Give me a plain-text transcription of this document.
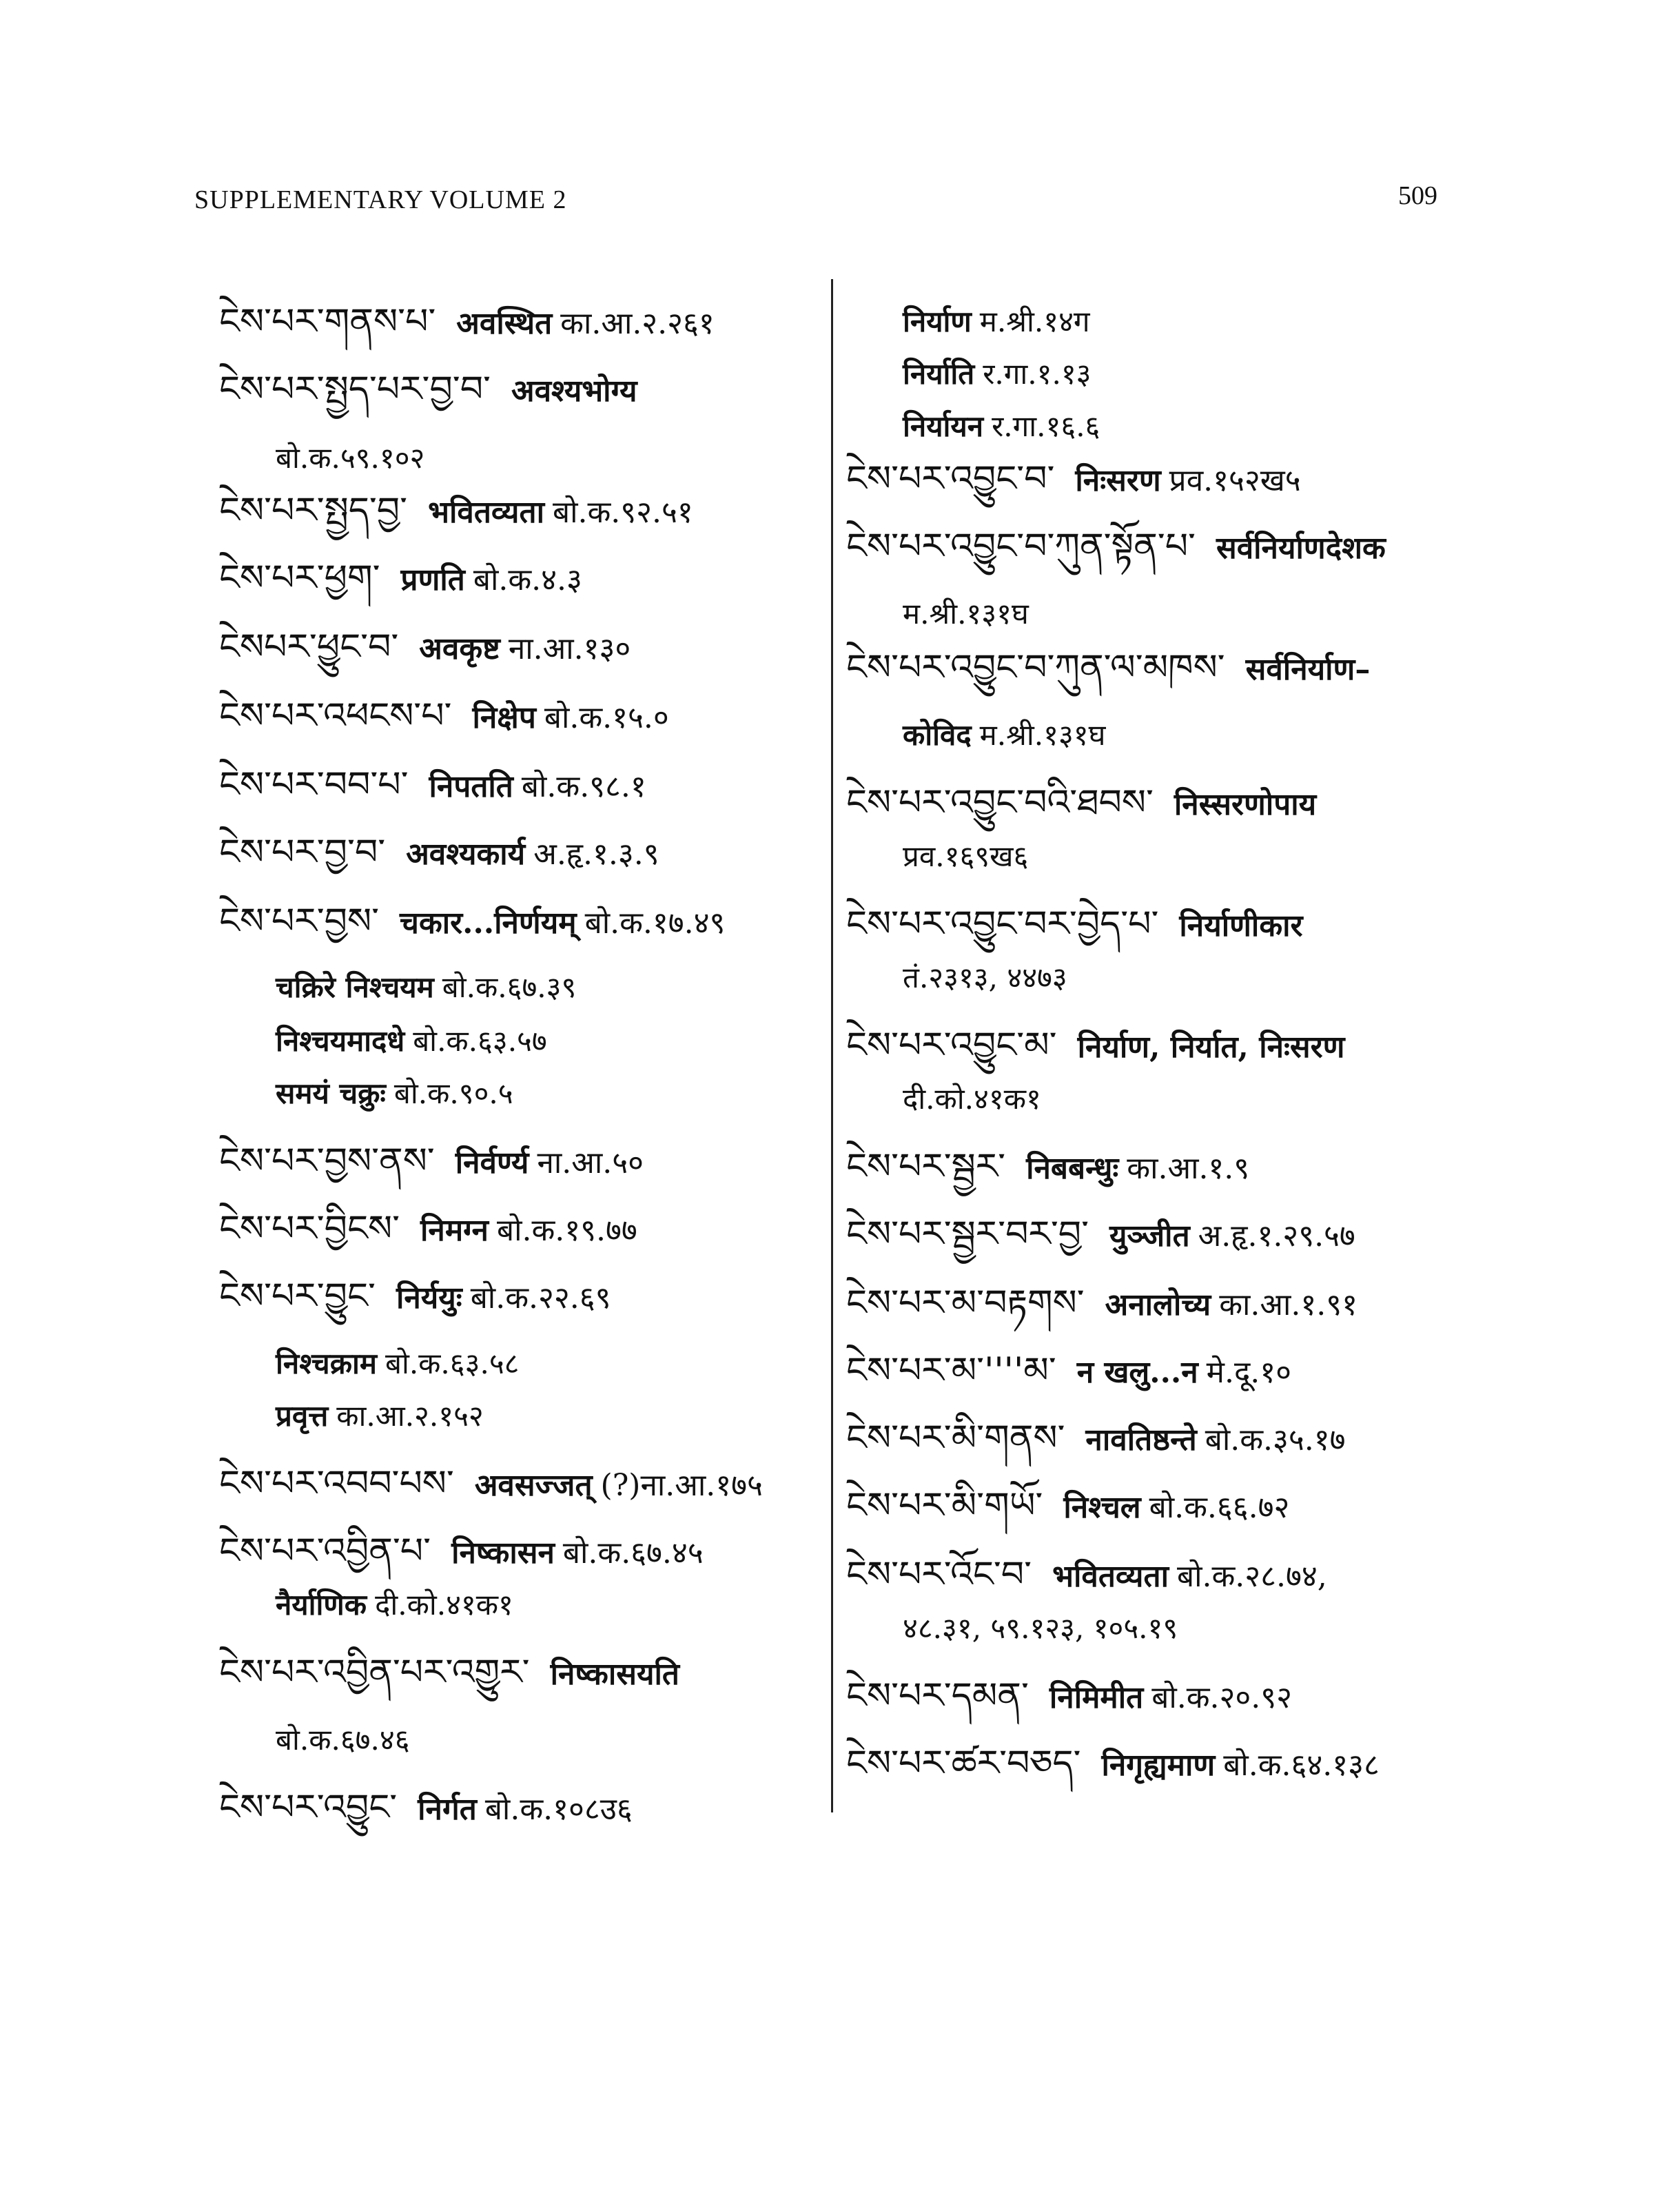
SUPPLEMENTARY VOLUME 2	509
ངེས་པར་གནས་པ་ अवस्थित का.आ.२.२६१
ངེས་པར་སྤྱད་པར་བྱ་བ་ अवश्यभोग्य
बो.क.५९.१०२
ངེས་པར་སྤྱད་བྱ་ भवितव्यता बो.क.९२.५१
ངེས་པར་ཕྱག་ प्रणति बो.क.४.३
ངེསཔར་ཕྱུང་བ་ अवकृष्ट ना.आ.१३०
ངེས་པར་འཕངས་པ་ निक्षेप बो.क.१५.०
ངེས་པར་བབ་པ་ निपतति बो.क.९८.१
ངེས་པར་བྱ་བ་ अवश्यकार्य अ.हृ.१.३.९
ངེས་པར་བྱས་ चकार...निर्णयम् बो.क.१७.४९
चक्रिरे निश्चयम बो.क.६७.३९
निश्चयमादधे बो.क.६३.५७
समयं चक्रुः बो.क.९०.५
ངེས་པར་བྱས་ནས་ निर्वर्ण्य ना.आ.५०
ངེས་པར་བྱིངས་ निमग्न बो.क.१९.७७
ངེས་པར་བྱུང་ निर्ययुः बो.क.२२.६९
निश्चक्राम बो.क.६३.५८
प्रवृत्त का.आ.२.१५२
ངེས་པར་འབབ་པས་ अवसज्जत् (?)ना.आ.१७५
ངེས་པར་འབྱིན་པ་ निष्कासन बो.क.६७.४५
नैर्याणिक दी.को.४१क१
ངེས་པར་འབྱིན་པར་འགྱུར་ निष्कासयति
बो.क.६७.४६
ངེས་པར་འབྱུང་ निर्गत बो.क.१०८उ६
निर्याण म.श्री.१४ग
निर्याति र.गा.१.१३
निर्यायन र.गा.१६.६
ངེས་པར་འབྱུང་བ་ निःसरण प्रव.१५२ख५
ངེས་པར་འབྱུང་བ་ཀུན་སྟོན་པ་ सर्वनिर्याणदेशक
म.श्री.१३१घ
ངེས་པར་འབྱུང་བ་ཀུན་ལ་མཁས་ सर्वनिर्याण–
कोविद म.श्री.१३१घ
ངེས་པར་འབྱུང་བའི་ཐབས་ निस्सरणोपाय
प्रव.१६९ख६
ངེས་པར་འབྱུང་བར་བྱེད་པ་ निर्याणीकार
तं.२३१३, ४४७३
ངེས་པར་འབྱུང་མ་ निर्याण, निर्यात, निःसरण
दी.को.४१क१
ངེས་པར་སྦྱར་ निबबन्धुः का.आ.१.९
ངེས་པར་སྦྱར་བར་བྱ་ युञ्जीत अ.हृ.१.२९.५७
ངེས་པར་མ་བརྟགས་ अनालोच्य का.आ.१.९१
ངེས་པར་མ་''''མ་ न खलु...न मे.दू.१०
ངེས་པར་མི་གནས་ नावतिष्ठन्ते बो.क.३५.१७
ངེས་པར་མི་གཡོ་ निश्चल बो.क.६६.७२
ངེས་པར་འོང་བ་ भवितव्यता बो.क.२८.७४,
४८.३१, ५९.१२३, १०५.१९
ངེས་པར་དམན་ निमिमीत बो.क.२०.९२
ངེས་པར་ཚར་བཅད་ निगृह्यमाण बो.क.६४.१३८
